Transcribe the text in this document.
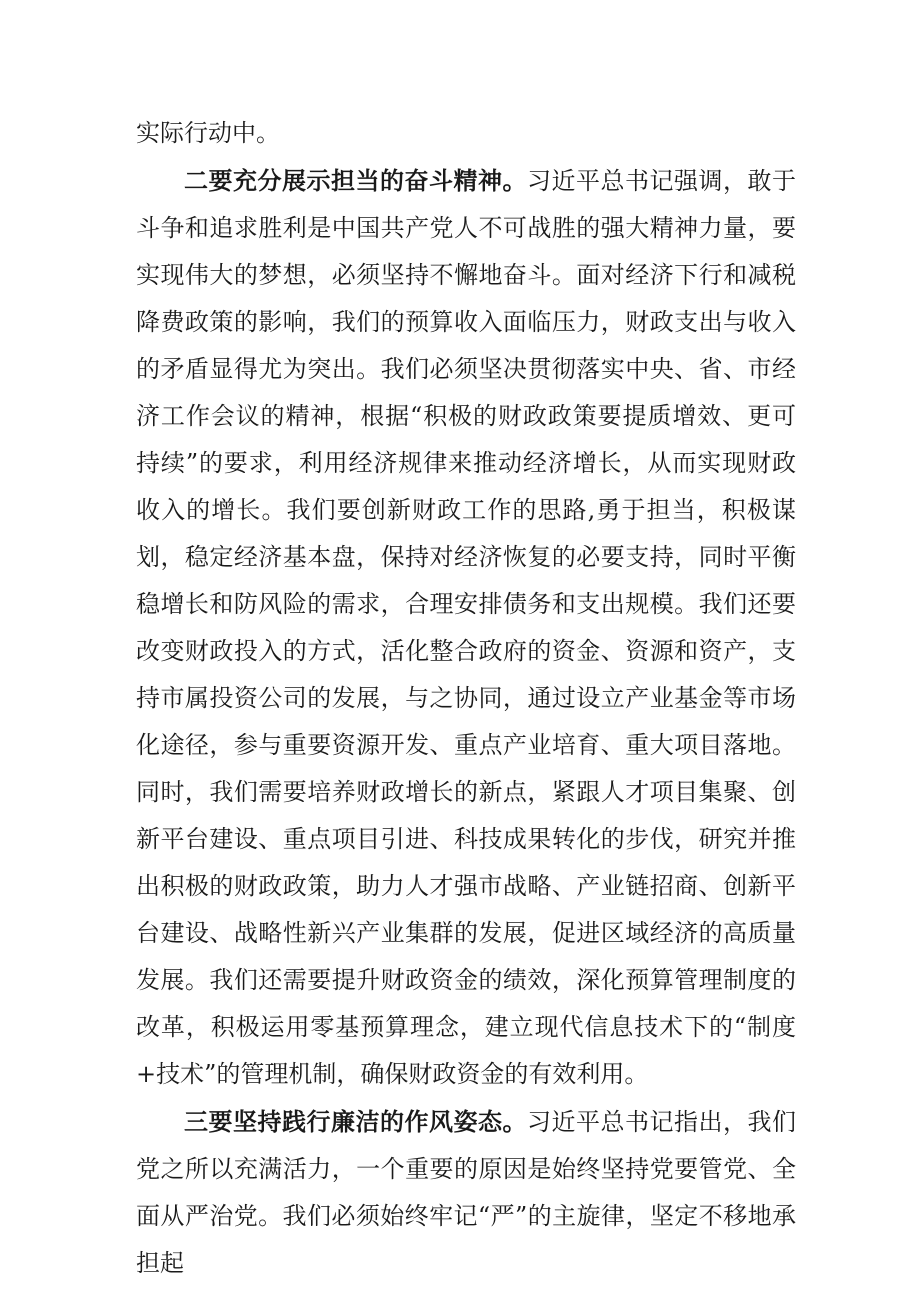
实际行动中。

二要充分展示担当的奋斗精神。习近平总书记强调，敢于斗争和追求胜利是中国共产党人不可战胜的强大精神力量，要实现伟大的梦想，必须坚持不懈地奋斗。面对经济下行和减税降费政策的影响，我们的预算收入面临压力，财政支出与收入的矛盾显得尤为突出。我们必须坚决贯彻落实中央、省、市经济工作会议的精神，根据“积极的财政政策要提质增效、更可持续”的要求，利用经济规律来推动经济增长，从而实现财政收入的增长。我们要创新财政工作的思路,勇于担当，积极谋划，稳定经济基本盘，保持对经济恢复的必要支持，同时平衡稳增长和防风险的需求，合理安排债务和支出规模。我们还要改变财政投入的方式，活化整合政府的资金、资源和资产，支持市属投资公司的发展，与之协同，通过设立产业基金等市场化途径，参与重要资源开发、重点产业培育、重大项目落地。同时，我们需要培养财政增长的新点，紧跟人才项目集聚、创新平台建设、重点项目引进、科技成果转化的步伐，研究并推出积极的财政政策，助力人才强市战略、产业链招商、创新平台建设、战略性新兴产业集群的发展，促进区域经济的高质量发展。我们还需要提升财政资金的绩效，深化预算管理制度的改革，积极运用零基预算理念，建立现代信息技术下的“制度+技术”的管理机制，确保财政资金的有效利用。

三要坚持践行廉洁的作风姿态。习近平总书记指出，我们党之所以充满活力，一个重要的原因是始终坚持党要管党、全面从严治党。我们必须始终牢记“严”的主旋律，坚定不移地承担起
